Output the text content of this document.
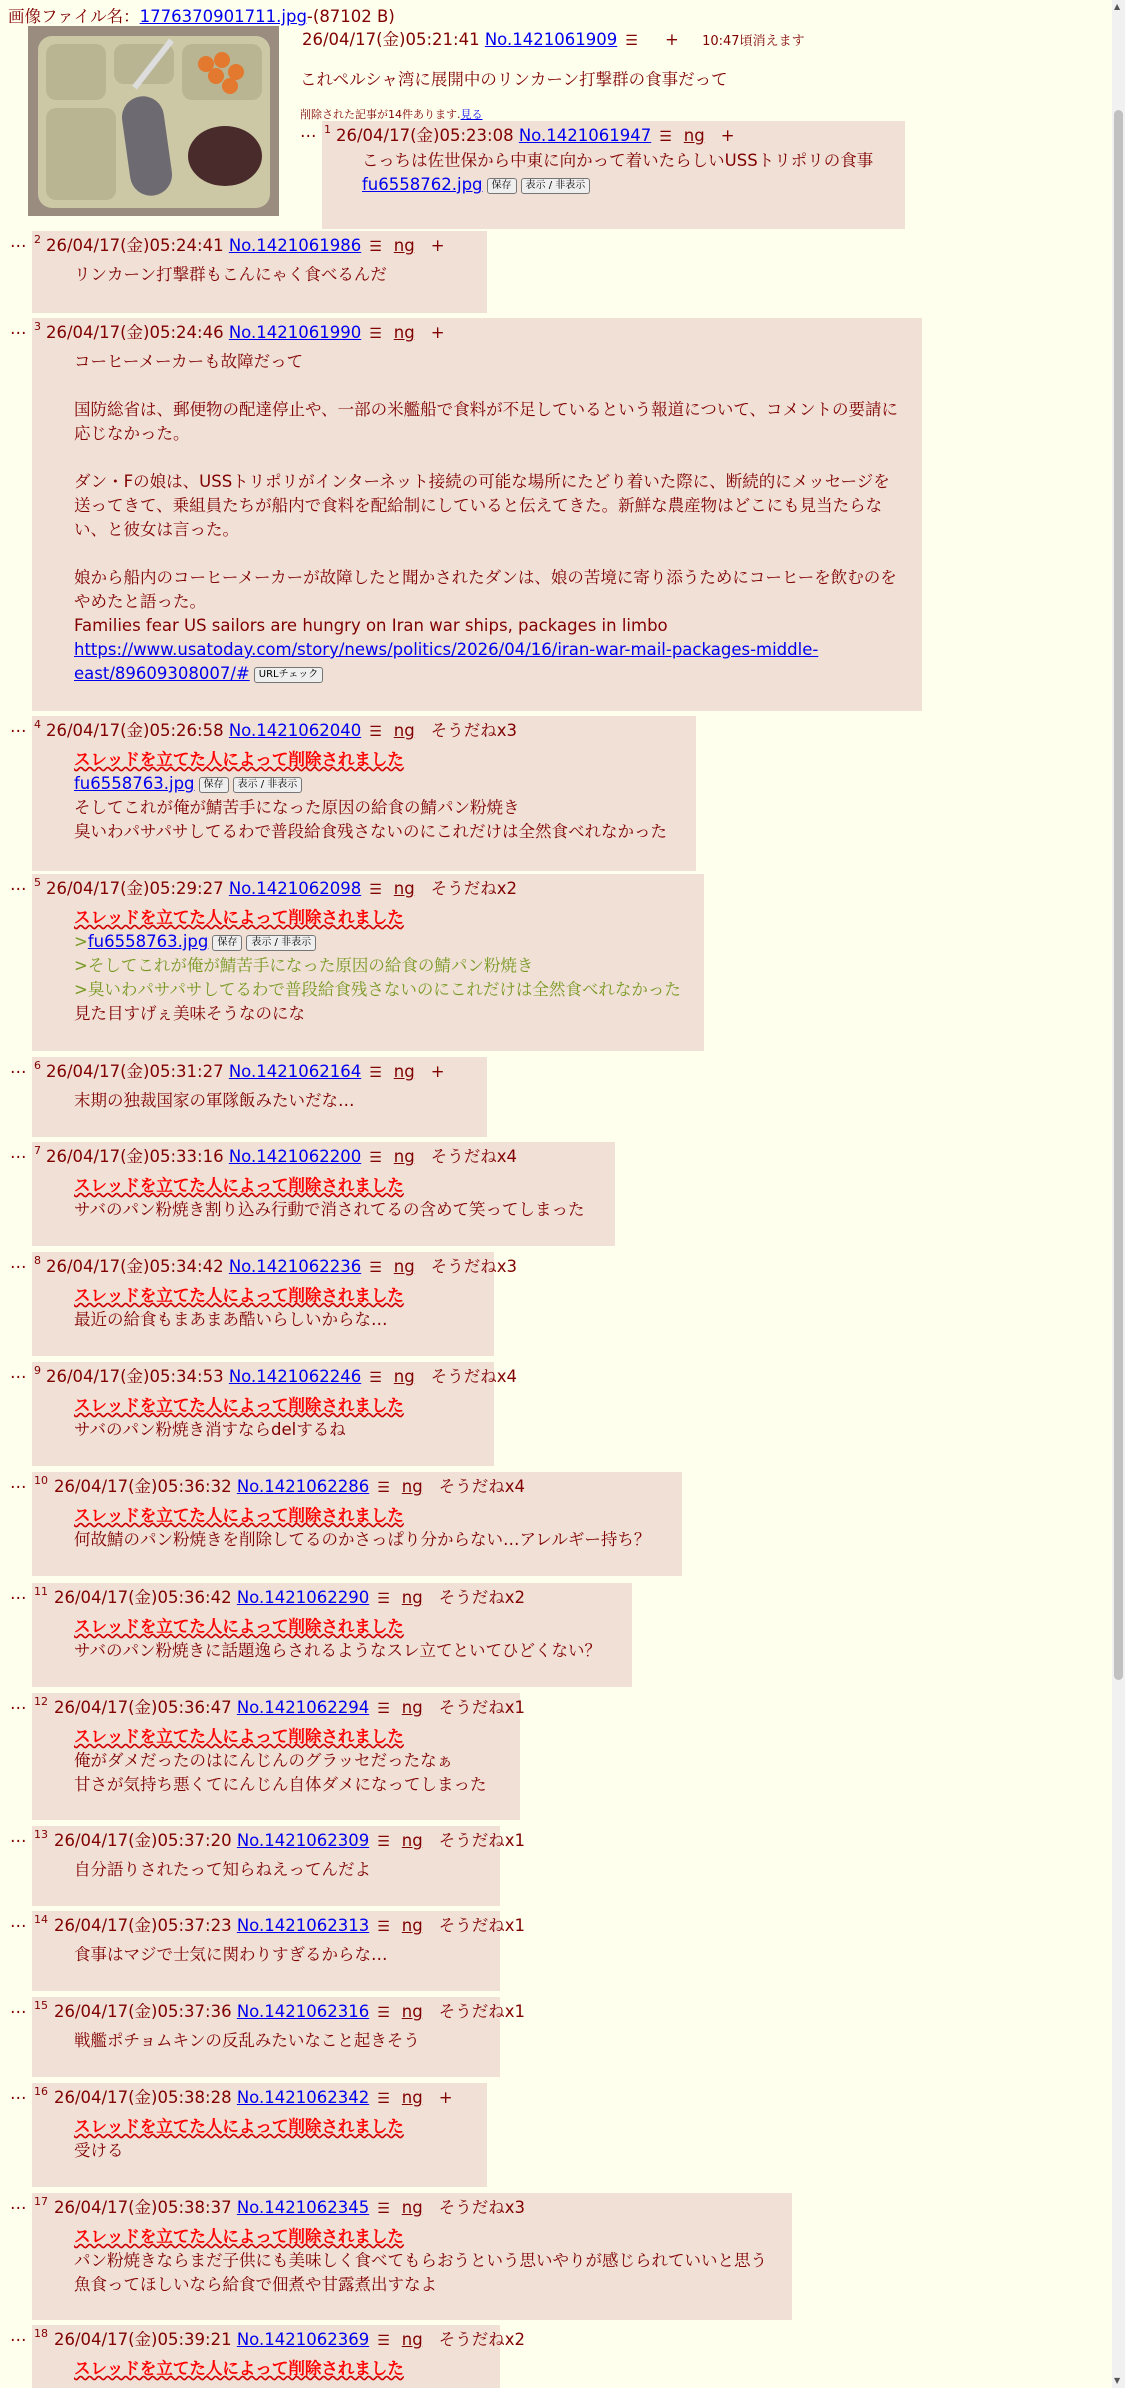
画像ファイル名：1776370901711.jpg-(87102 B)
26/04/17(金)05:21:41 No.1421061909 ☰ + 10:47頃消えます
これペルシャ湾に展開中のリンカーン打撃群の食事だって
削除された記事が14件あります.見る
… 1 26/04/17(金)05:23:08 No.1421061947 ☰ ng +
こっちは佐世保から中東に向かって着いたらしいUSSトリポリの食事
fu6558762.jpg 保存 表示 / 非表示
… 2 26/04/17(金)05:24:41 No.1421061986 ☰ ng +
リンカーン打撃群もこんにゃく食べるんだ
… 3 26/04/17(金)05:24:46 No.1421061990 ☰ ng +
コーヒーメーカーも故障だって
国防総省は、郵便物の配達停止や、一部の米艦船で食料が不足しているという報道について、コメントの要請に
応じなかった。
ダン・Fの娘は、USSトリポリがインターネット接続の可能な場所にたどり着いた際に、断続的にメッセージを
送ってきて、乗組員たちが船内で食料を配給制にしていると伝えてきた。新鮮な農産物はどこにも見当たらな
い、と彼女は言った。
娘から船内のコーヒーメーカーが故障したと聞かされたダンは、娘の苦境に寄り添うためにコーヒーを飲むのを
やめたと語った。
Families fear US sailors are hungry on Iran war ships, packages in limbo
https://www.usatoday.com/story/news/politics/2026/04/16/iran-war-mail-packages-middle-
east/89609308007/# URLチェック
… 4 26/04/17(金)05:26:58 No.1421062040 ☰ ng そうだねx3
スレッドを立てた人によって削除されました
fu6558763.jpg 保存 表示 / 非表示
そしてこれが俺が鯖苦手になった原因の給食の鯖パン粉焼き
臭いわパサパサしてるわで普段給食残さないのにこれだけは全然食べれなかった
… 5 26/04/17(金)05:29:27 No.1421062098 ☰ ng そうだねx2
スレッドを立てた人によって削除されました
>fu6558763.jpg 保存 表示 / 非表示
>そしてこれが俺が鯖苦手になった原因の給食の鯖パン粉焼き
>臭いわパサパサしてるわで普段給食残さないのにこれだけは全然食べれなかった
見た目すげぇ美味そうなのにな
… 6 26/04/17(金)05:31:27 No.1421062164 ☰ ng +
末期の独裁国家の軍隊飯みたいだな…
… 7 26/04/17(金)05:33:16 No.1421062200 ☰ ng そうだねx4
スレッドを立てた人によって削除されました
サバのパン粉焼き割り込み行動で消されてるの含めて笑ってしまった
… 8 26/04/17(金)05:34:42 No.1421062236 ☰ ng そうだねx3
スレッドを立てた人によって削除されました
最近の給食もまあまあ酷いらしいからな…
… 9 26/04/17(金)05:34:53 No.1421062246 ☰ ng そうだねx4
スレッドを立てた人によって削除されました
サバのパン粉焼き消すならdelするね
… 10 26/04/17(金)05:36:32 No.1421062286 ☰ ng そうだねx4
スレッドを立てた人によって削除されました
何故鯖のパン粉焼きを削除してるのかさっぱり分からない…アレルギー持ち？
… 11 26/04/17(金)05:36:42 No.1421062290 ☰ ng そうだねx2
スレッドを立てた人によって削除されました
サバのパン粉焼きに話題逸らされるようなスレ立てといてひどくない？
… 12 26/04/17(金)05:36:47 No.1421062294 ☰ ng そうだねx1
スレッドを立てた人によって削除されました
俺がダメだったのはにんじんのグラッセだったなぁ
甘さが気持ち悪くてにんじん自体ダメになってしまった
… 13 26/04/17(金)05:37:20 No.1421062309 ☰ ng そうだねx1
自分語りされたって知らねえってんだよ
… 14 26/04/17(金)05:37:23 No.1421062313 ☰ ng そうだねx1
食事はマジで士気に関わりすぎるからな…
… 15 26/04/17(金)05:37:36 No.1421062316 ☰ ng そうだねx1
戦艦ポチョムキンの反乱みたいなこと起きそう
… 16 26/04/17(金)05:38:28 No.1421062342 ☰ ng +
スレッドを立てた人によって削除されました
受ける
… 17 26/04/17(金)05:38:37 No.1421062345 ☰ ng そうだねx3
スレッドを立てた人によって削除されました
パン粉焼きならまだ子供にも美味しく食べてもらおうという思いやりが感じられていいと思う
魚食ってほしいなら給食で佃煮や甘露煮出すなよ
… 18 26/04/17(金)05:39:21 No.1421062369 ☰ ng そうだねx2
スレッドを立てた人によって削除されました
▲
▼
